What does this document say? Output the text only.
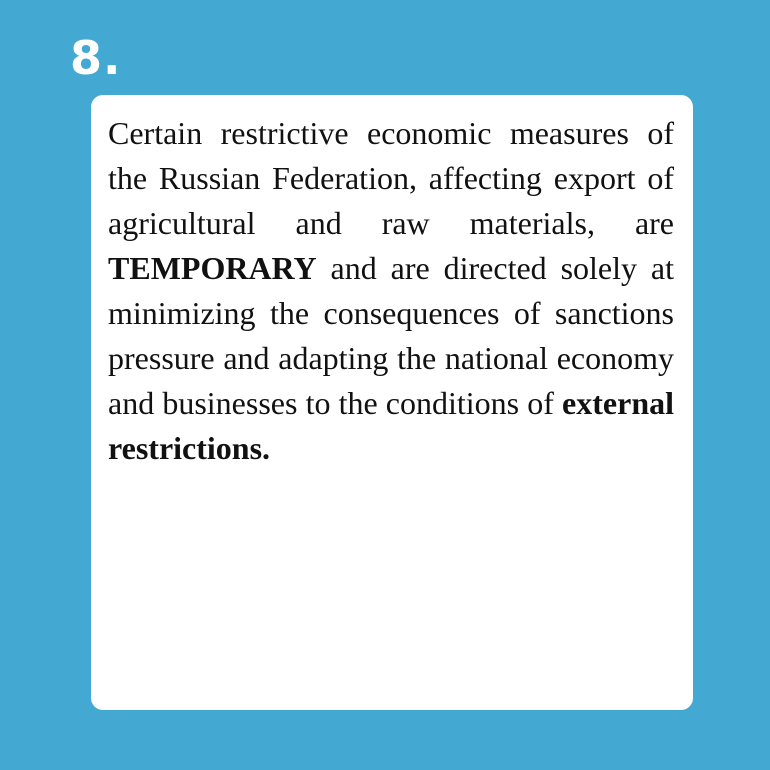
8.

Certain restrictive economic measures of the Russian Federation, affecting export of agricultural and raw materials, are TEMPORARY and are directed solely at minimizing the consequences of sanctions pressure and adapting the national economy and businesses to the conditions of external restrictions.
